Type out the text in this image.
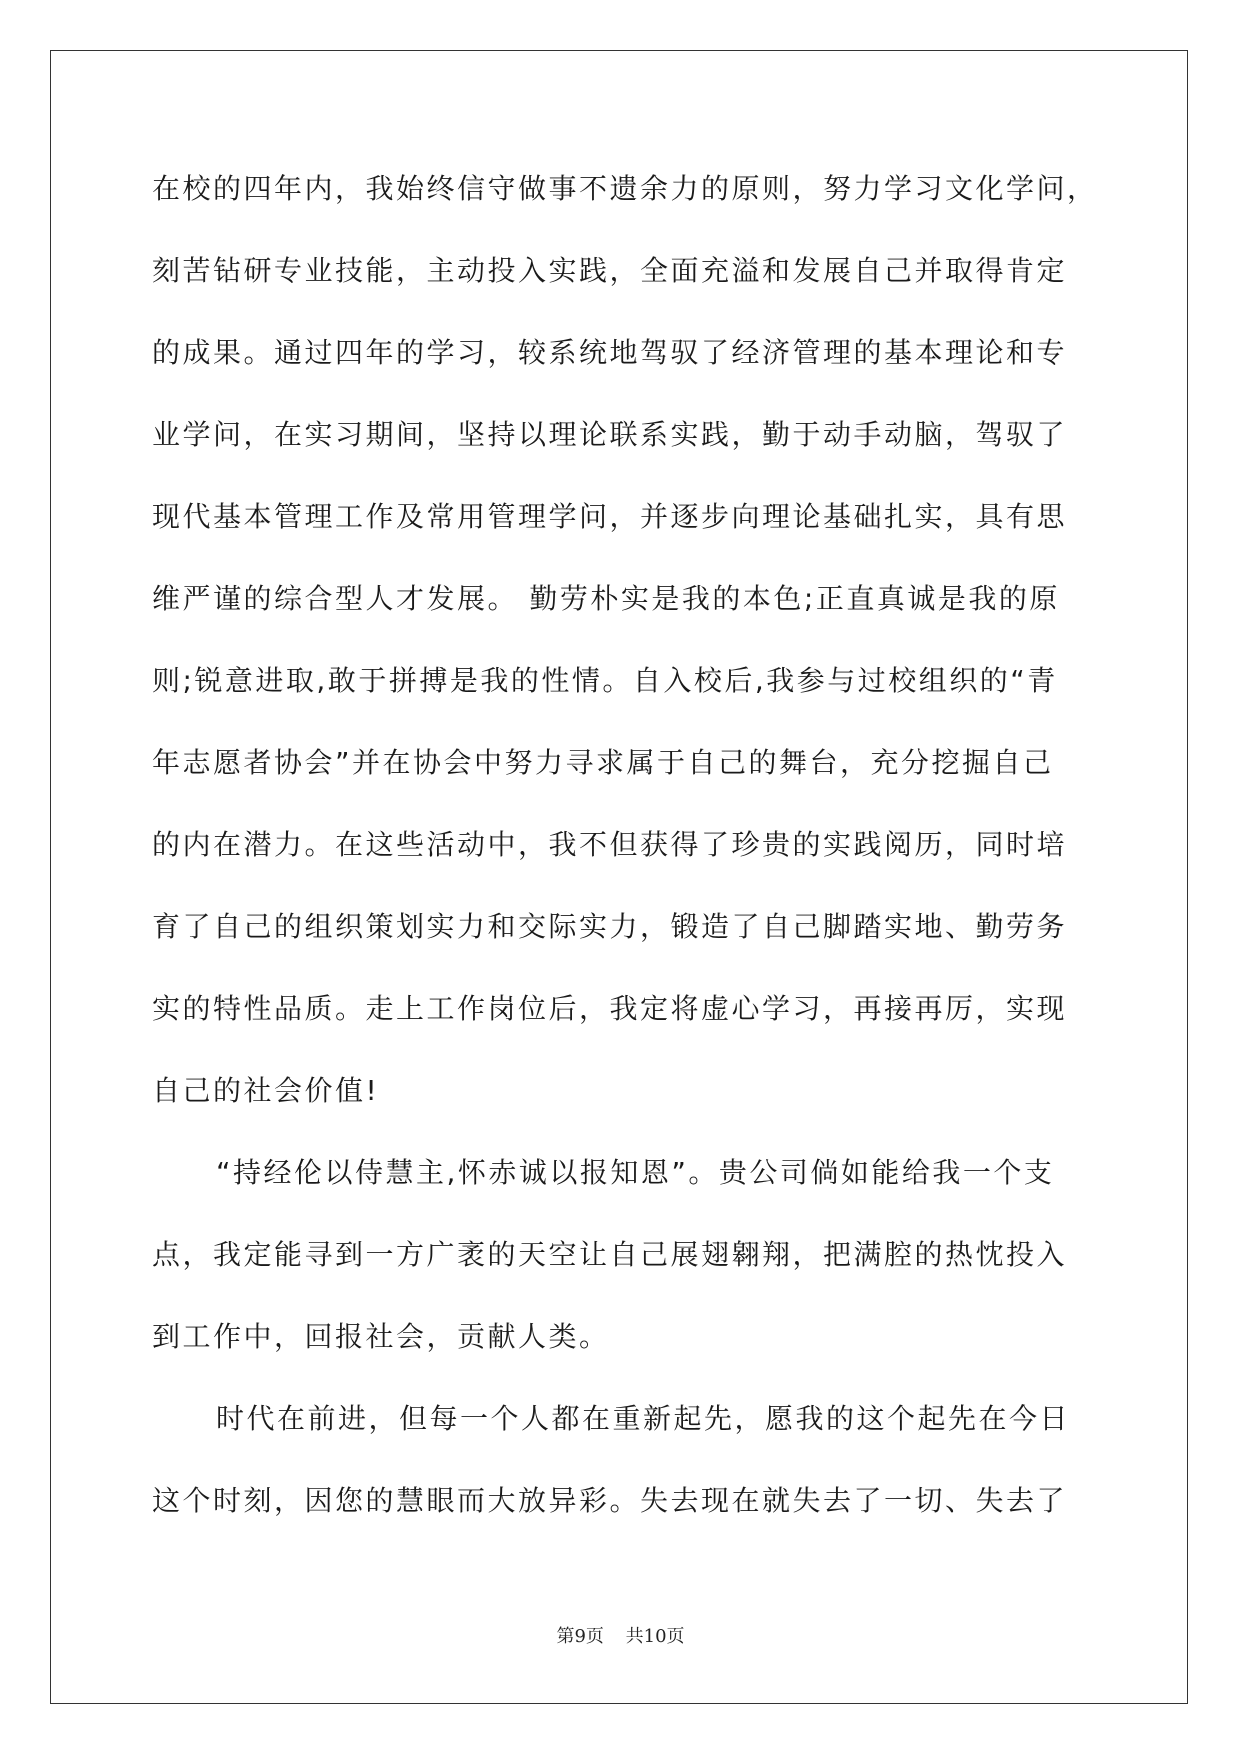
在校的四年内，我始终信守做事不遗余力的原则，努力学习文化学问，
刻苦钻研专业技能，主动投入实践，全面充溢和发展自己并取得肯定
的成果。通过四年的学习，较系统地驾驭了经济管理的基本理论和专
业学问，在实习期间，坚持以理论联系实践，勤于动手动脑，驾驭了
现代基本管理工作及常用管理学问，并逐步向理论基础扎实，具有思
维严谨的综合型人才发展。 勤劳朴实是我的本色;正直真诚是我的原
则;锐意进取,敢于拼搏是我的性情。自入校后,我参与过校组织的“青
年志愿者协会”并在协会中努力寻求属于自己的舞台，充分挖掘自己
的内在潜力。在这些活动中，我不但获得了珍贵的实践阅历，同时培
育了自己的组织策划实力和交际实力，锻造了自己脚踏实地、勤劳务
实的特性品质。走上工作岗位后，我定将虚心学习，再接再厉，实现
自己的社会价值!
“持经伦以侍慧主,怀赤诚以报知恩”。贵公司倘如能给我一个支
点，我定能寻到一方广袤的天空让自己展翅翱翔，把满腔的热忱投入
到工作中，回报社会，贡献人类。
时代在前进，但每一个人都在重新起先，愿我的这个起先在今日
这个时刻，因您的慧眼而大放异彩。失去现在就失去了一切、失去了
第9页 共10页
